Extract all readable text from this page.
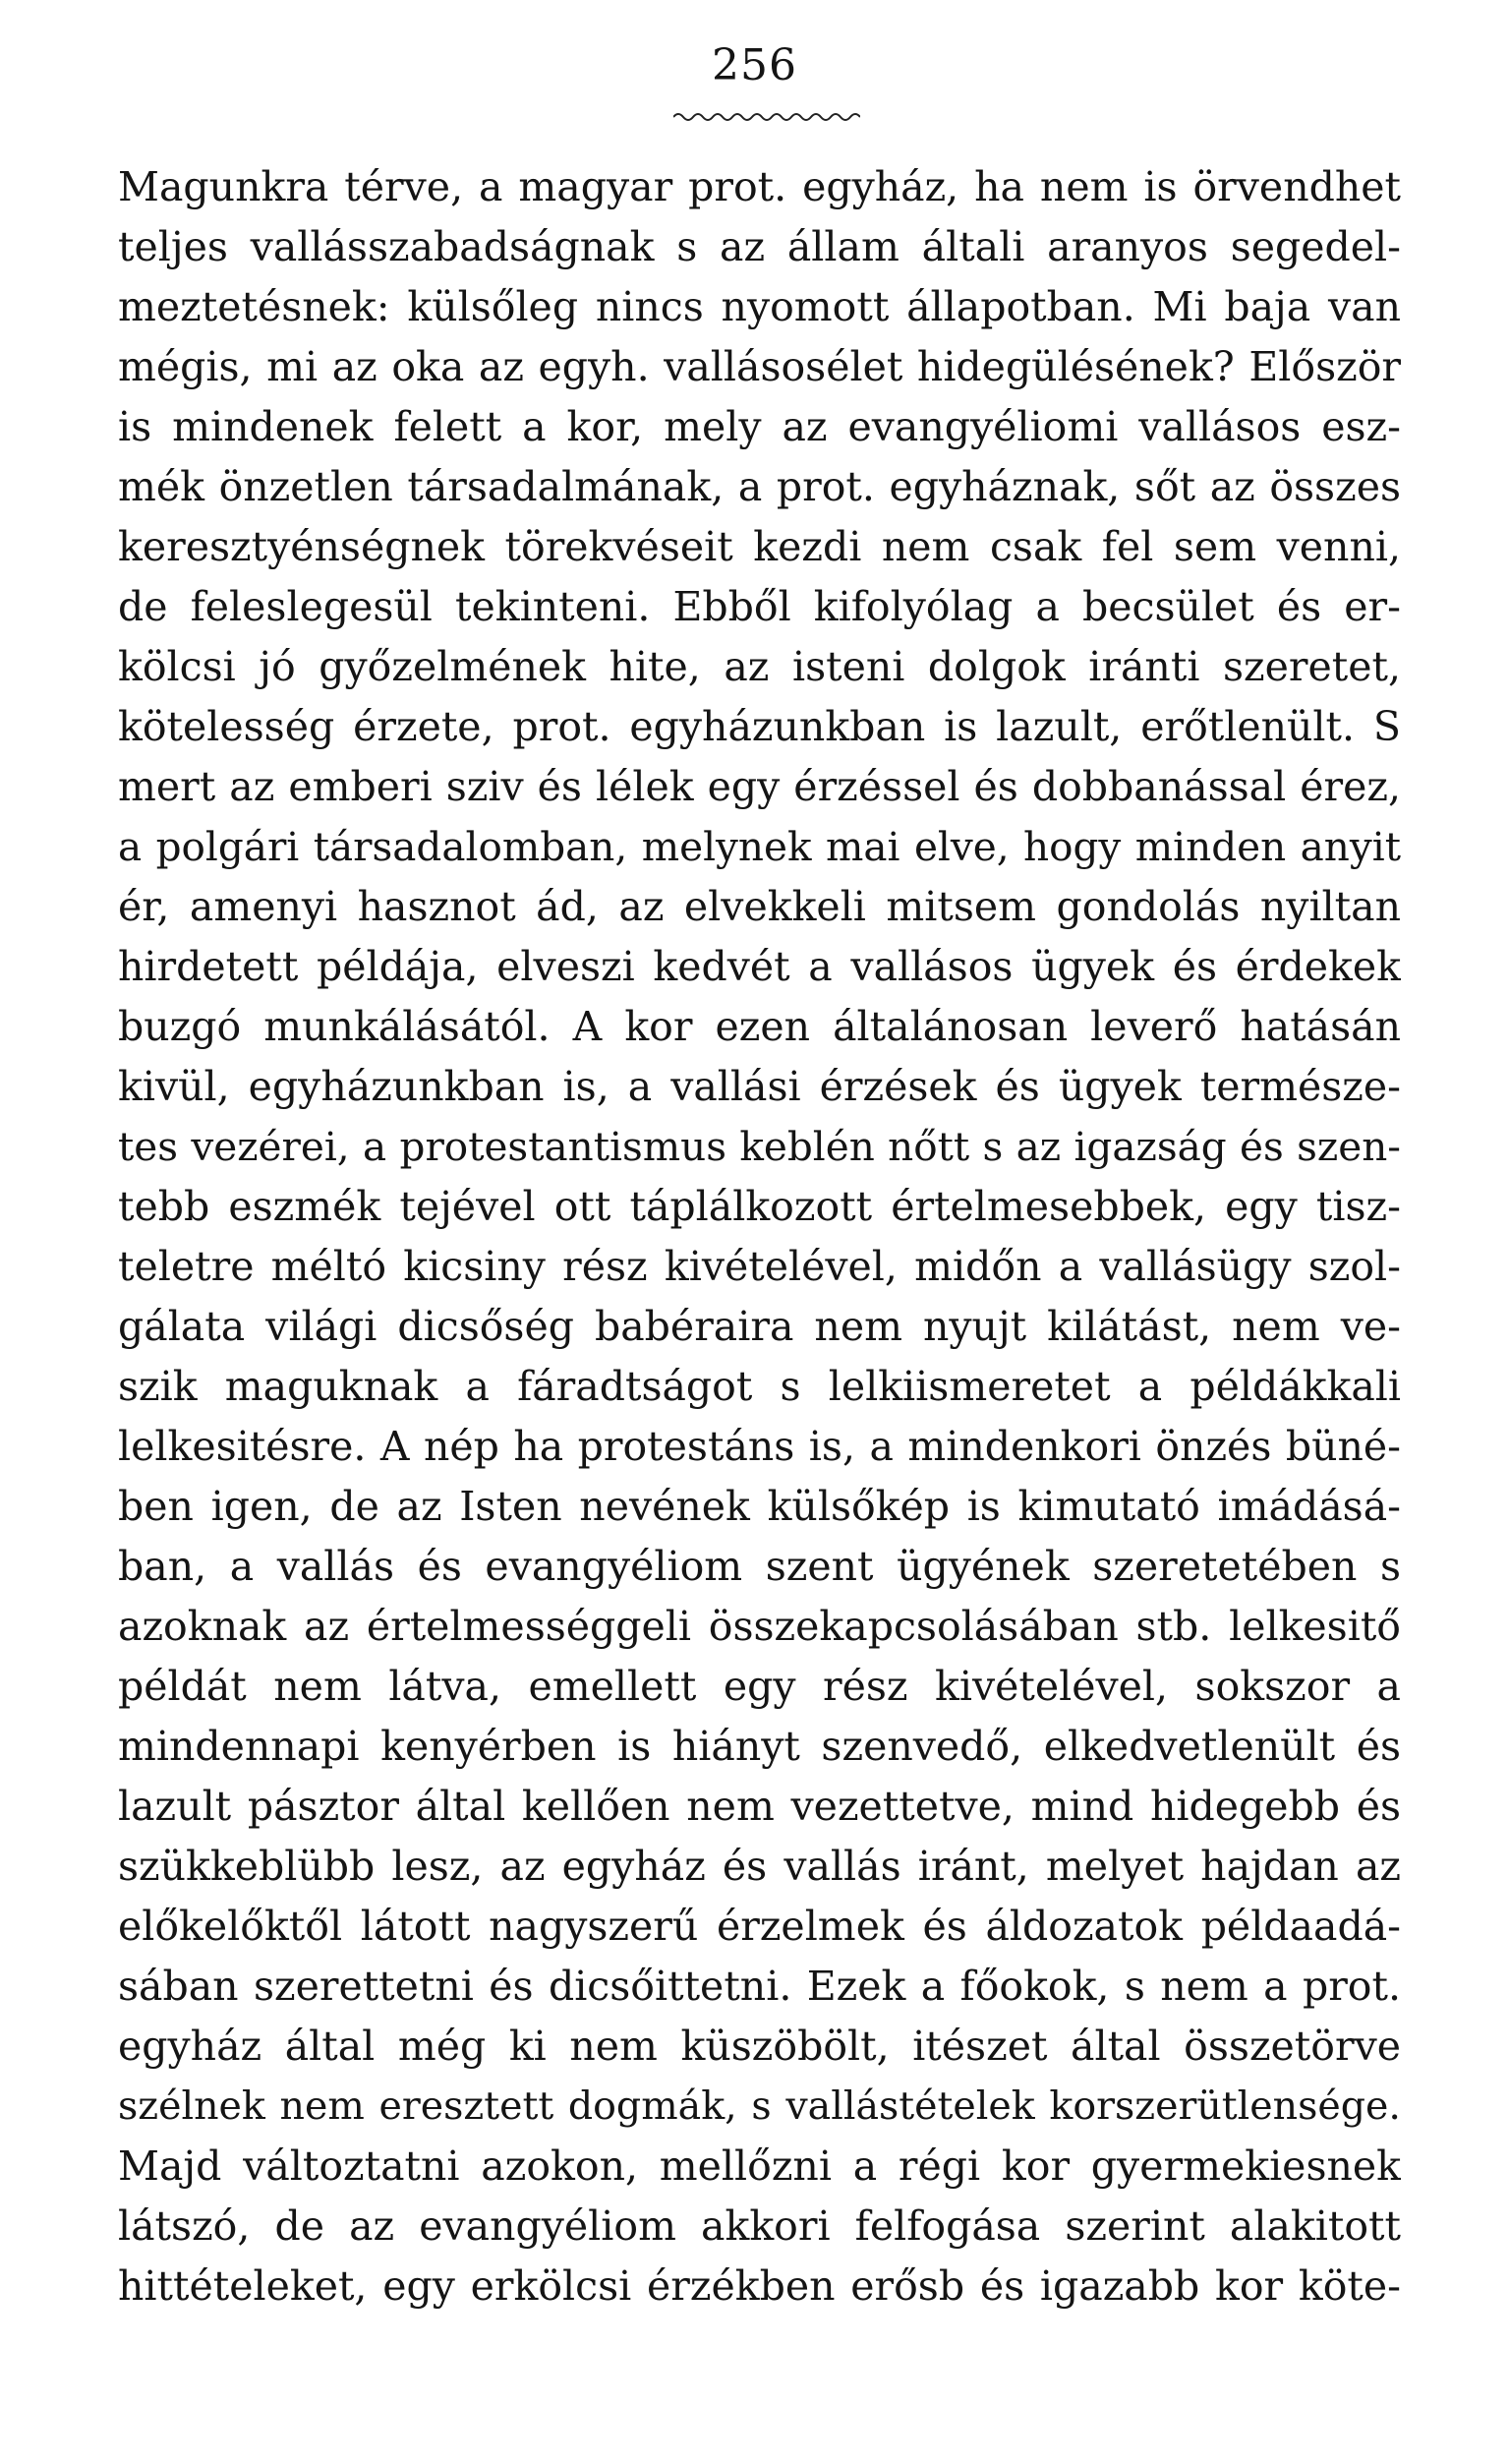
256
Magunkra térve, a magyar prot. egyház, ha nem is örvendhet
teljes vallásszabadságnak s az állam általi aranyos segedel-
meztetésnek: külsőleg nincs nyomott állapotban. Mi baja van
mégis, mi az oka az egyh. vallásosélet hidegülésének? Először
is mindenek felett a kor, mely az evangyéliomi vallásos esz-
mék önzetlen társadalmának, a prot. egyháznak, sőt az összes
keresztyénségnek törekvéseit kezdi nem csak fel sem venni,
de feleslegesül tekinteni. Ebből kifolyólag a becsület és er-
kölcsi jó győzelmének hite, az isteni dolgok iránti szeretet,
kötelesség érzete, prot. egyházunkban is lazult, erőtlenült. S
mert az emberi sziv és lélek egy érzéssel és dobbanással érez,
a polgári társadalomban, melynek mai elve, hogy minden anyit
ér, amenyi hasznot ád, az elvekkeli mitsem gondolás nyiltan
hirdetett példája, elveszi kedvét a vallásos ügyek és érdekek
buzgó munkálásától. A kor ezen általánosan leverő hatásán
kivül, egyházunkban is, a vallási érzések és ügyek természe-
tes vezérei, a protestantismus keblén nőtt s az igazság és szen-
tebb eszmék tejével ott táplálkozott értelmesebbek, egy tisz-
teletre méltó kicsiny rész kivételével, midőn a vallásügy szol-
gálata világi dicsőség babéraira nem nyujt kilátást, nem ve-
szik maguknak a fáradtságot s lelkiismeretet a példákkali
lelkesitésre. A nép ha protestáns is, a mindenkori önzés büné-
ben igen, de az Isten nevének külsőkép is kimutató imádásá-
ban, a vallás és evangyéliom szent ügyének szeretetében s
azoknak az értelmességgeli összekapcsolásában stb. lelkesitő
példát nem látva, emellett egy rész kivételével, sokszor a
mindennapi kenyérben is hiányt szenvedő, elkedvetlenült és
lazult pásztor által kellően nem vezettetve, mind hidegebb és
szükkeblübb lesz, az egyház és vallás iránt, melyet hajdan az
előkelőktől látott nagyszerű érzelmek és áldozatok példaadá-
sában szerettetni és dicsőittetni. Ezek a főokok, s nem a prot.
egyház által még ki nem küszöbölt, itészet által összetörve
szélnek nem eresztett dogmák, s vallástételek korszerütlensége.
Majd változtatni azokon, mellőzni a régi kor gyermekiesnek
látszó, de az evangyéliom akkori felfogása szerint alakitott
hittételeket, egy erkölcsi érzékben erősb és igazabb kor köte-
